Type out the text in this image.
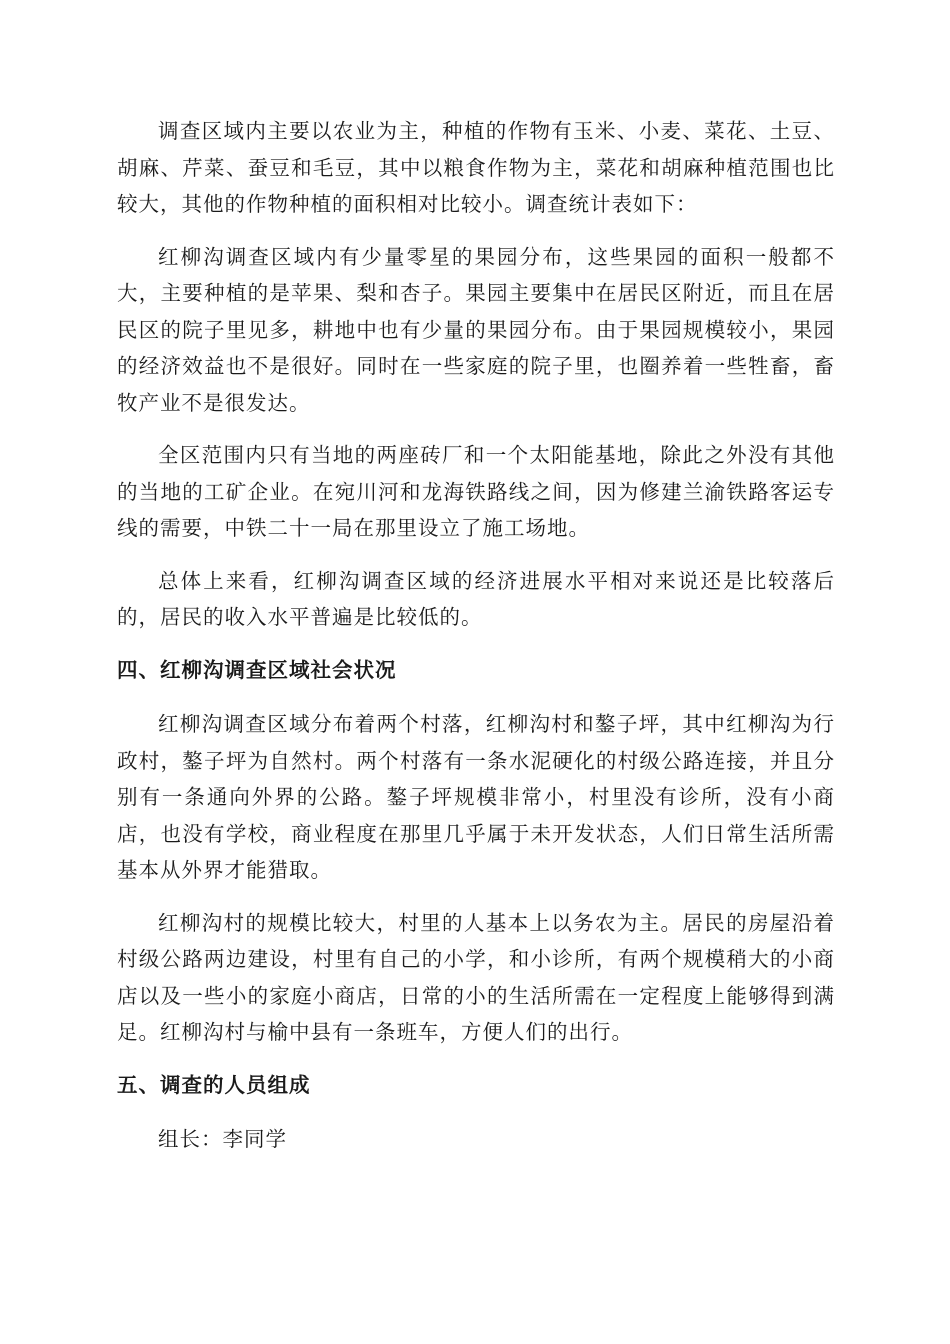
调查区域内主要以农业为主，种植的作物有玉米、小麦、菜花、土豆、胡麻、芹菜、蚕豆和毛豆，其中以粮食作物为主，菜花和胡麻种植范围也比较大，其他的作物种植的面积相对比较小。调查统计表如下：

红柳沟调查区域内有少量零星的果园分布，这些果园的面积一般都不大，主要种植的是苹果、梨和杏子。果园主要集中在居民区附近，而且在居民区的院子里见多，耕地中也有少量的果园分布。由于果园规模较小，果园的经济效益也不是很好。同时在一些家庭的院子里，也圈养着一些牲畜，畜牧产业不是很发达。

全区范围内只有当地的两座砖厂和一个太阳能基地，除此之外没有其他的当地的工矿企业。在宛川河和龙海铁路线之间，因为修建兰渝铁路客运专线的需要，中铁二十一局在那里设立了施工场地。

总体上来看，红柳沟调查区域的经济进展水平相对来说还是比较落后的，居民的收入水平普遍是比较低的。

四、红柳沟调查区域社会状况

红柳沟调查区域分布着两个村落，红柳沟村和鏊子坪，其中红柳沟为行政村，鏊子坪为自然村。两个村落有一条水泥硬化的村级公路连接，并且分别有一条通向外界的公路。鏊子坪规模非常小，村里没有诊所，没有小商店，也没有学校，商业程度在那里几乎属于未开发状态，人们日常生活所需基本从外界才能猎取。

红柳沟村的规模比较大，村里的人基本上以务农为主。居民的房屋沿着村级公路两边建设，村里有自己的小学，和小诊所，有两个规模稍大的小商店以及一些小的家庭小商店，日常的小的生活所需在一定程度上能够得到满足。红柳沟村与榆中县有一条班车，方便人们的出行。

五、调查的人员组成

组长：李同学
